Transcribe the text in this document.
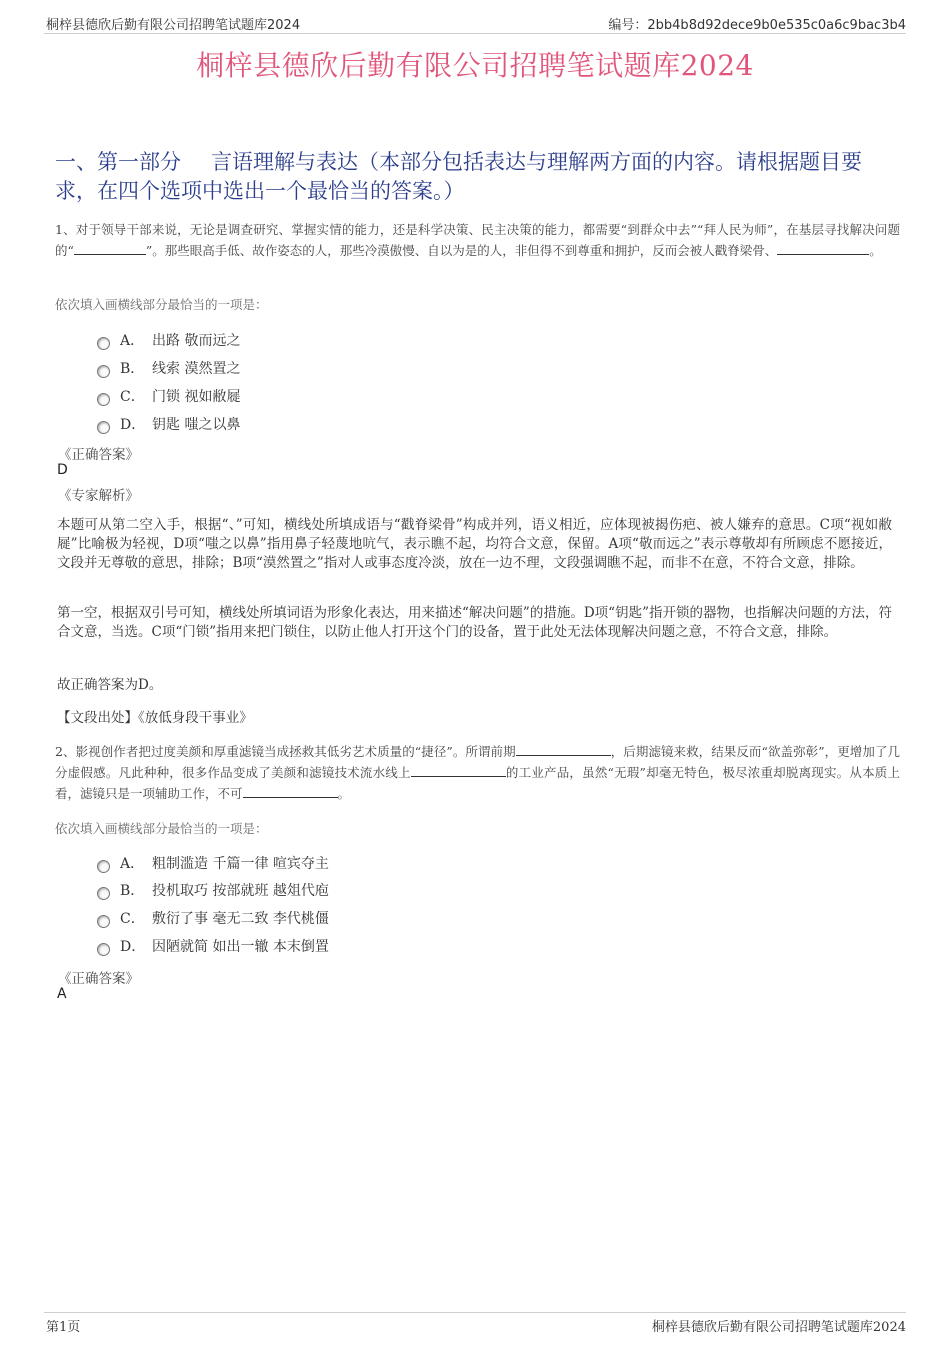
桐梓县德欣后勤有限公司招聘笔试题库2024	编号：2bb4b8d92dece9b0e535c0a6c9bac3b4
桐梓县德欣后勤有限公司招聘笔试题库2024
一、第一部分 言语理解与表达（本部分包括表达与理解两方面的内容。请根据题目要求，在四个选项中选出一个最恰当的答案。）
1、对于领导干部来说，无论是调查研究、掌握实情的能力，还是科学决策、民主决策的能力，都需要“到群众中去”“拜人民为师”，在基层寻找解决问题的“	”。那些眼高手低、故作姿态的人，那些冷漠傲慢、自以为是的人，非但得不到尊重和拥护，反而会被人戳脊梁骨、	。
依次填入画横线部分最恰当的一项是：
A． 出路 敬而远之
B． 线索 漠然置之
C． 门锁 视如敝屣
D． 钥匙 嗤之以鼻
《正确答案》
D
《专家解析》
本题可从第二空入手，根据“、”可知，横线处所填成语与“戳脊梁骨”构成并列，语义相近，应体现被揭伤疤、被人嫌弃的意思。C项“视如敝屣”比喻极为轻视，D项“嗤之以鼻”指用鼻子轻蔑地吭气，表示瞧不起，均符合文意，保留。A项“敬而远之”表示尊敬却有所顾虑不愿接近，文段并无尊敬的意思，排除；B项“漠然置之”指对人或事态度冷淡，放在一边不理，文段强调瞧不起，而非不在意，不符合文意，排除。
第一空，根据双引号可知，横线处所填词语为形象化表达，用来描述“解决问题”的措施。D项“钥匙”指开锁的器物，也指解决问题的方法，符合文意，当选。C项“门锁”指用来把门锁住，以防止他人打开这个门的设备，置于此处无法体现解决问题之意，不符合文意，排除。
故正确答案为D。
【文段出处】《放低身段干事业》
2、影视创作者把过度美颜和厚重滤镜当成拯救其低劣艺术质量的“捷径”。所谓前期	，后期滤镜来救，结果反而“欲盖弥彰”，更增加了几分虚假感。凡此种种，很多作品变成了美颜和滤镜技术流水线上	的工业产品，虽然“无瑕”却毫无特色，极尽浓重却脱离现实。从本质上看，滤镜只是一项辅助工作，不可	。
依次填入画横线部分最恰当的一项是：
A． 粗制滥造 千篇一律 喧宾夺主
B． 投机取巧 按部就班 越俎代庖
C． 敷衍了事 毫无二致 李代桃僵
D． 因陋就简 如出一辙 本末倒置
《正确答案》
A
第1页	桐梓县德欣后勤有限公司招聘笔试题库2024
